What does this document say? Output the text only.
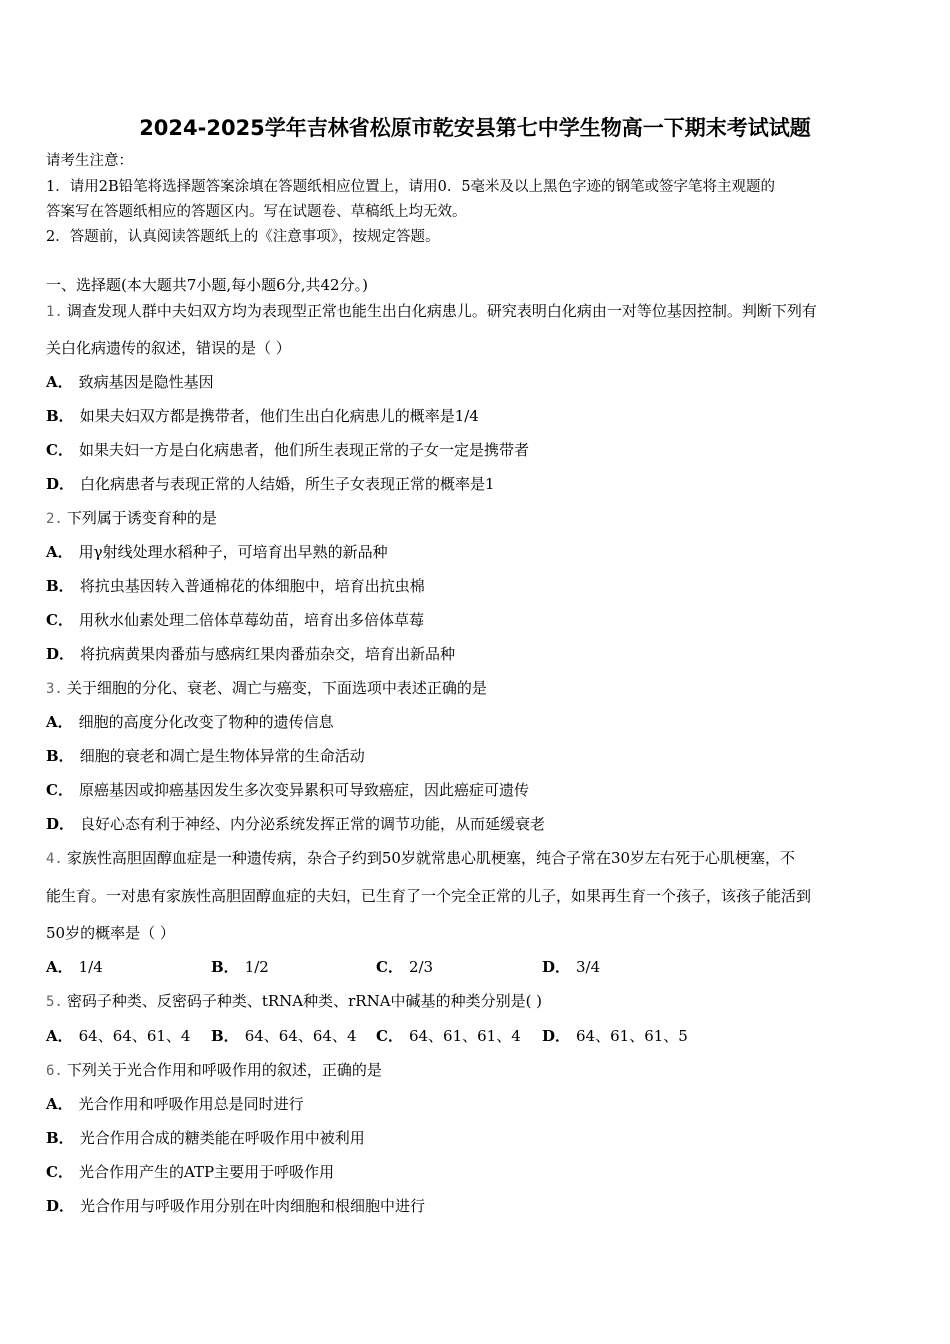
2024-2025学年吉林省松原市乾安县第七中学生物高一下期末考试试题
请考生注意：
1．请用2B铅笔将选择题答案涂填在答题纸相应位置上，请用0．5毫米及以上黑色字迹的钢笔或签字笔将主观题的
答案写在答题纸相应的答题区内。写在试题卷、草稿纸上均无效。
2．答题前，认真阅读答题纸上的《注意事项》，按规定答题。
一、选择题(本大题共7小题,每小题6分,共42分。)
1. 调查发现人群中夫妇双方均为表现型正常也能生出白化病患儿。研究表明白化病由一对等位基因控制。判断下列有
关白化病遗传的叙述，错误的是（ ）
A． 致病基因是隐性基因
B． 如果夫妇双方都是携带者，他们生出白化病患儿的概率是1/4
C． 如果夫妇一方是白化病患者，他们所生表现正常的子女一定是携带者
D． 白化病患者与表现正常的人结婚，所生子女表现正常的概率是1
2. 下列属于诱变育种的是
A． 用γ射线处理水稻种子，可培育出早熟的新品种
B． 将抗虫基因转入普通棉花的体细胞中，培育出抗虫棉
C． 用秋水仙素处理二倍体草莓幼苗，培育出多倍体草莓
D． 将抗病黄果肉番茄与感病红果肉番茄杂交，培育出新品种
3. 关于细胞的分化、衰老、凋亡与癌变，下面选项中表述正确的是
A． 细胞的高度分化改变了物种的遗传信息
B． 细胞的衰老和凋亡是生物体异常的生命活动
C． 原癌基因或抑癌基因发生多次变异累积可导致癌症，因此癌症可遗传
D． 良好心态有利于神经、内分泌系统发挥正常的调节功能，从而延缓衰老
4. 家族性高胆固醇血症是一种遗传病，杂合子约到50岁就常患心肌梗塞，纯合子常在30岁左右死于心肌梗塞，不
能生育。一对患有家族性高胆固醇血症的夫妇，已生育了一个完全正常的儿子，如果再生育一个孩子，该孩子能活到
50岁的概率是（ ）
A． 1/4	B． 1/2	C． 2/3	D． 3/4
5. 密码子种类、反密码子种类、tRNA种类、rRNA中碱基的种类分别是( )
A． 64、64、61、4 B． 64、64、64、4 C． 64、61、61、4 D． 64、61、61、5
6. 下列关于光合作用和呼吸作用的叙述，正确的是
A． 光合作用和呼吸作用总是同时进行
B． 光合作用合成的糖类能在呼吸作用中被利用
C． 光合作用产生的ATP主要用于呼吸作用
D． 光合作用与呼吸作用分别在叶肉细胞和根细胞中进行
